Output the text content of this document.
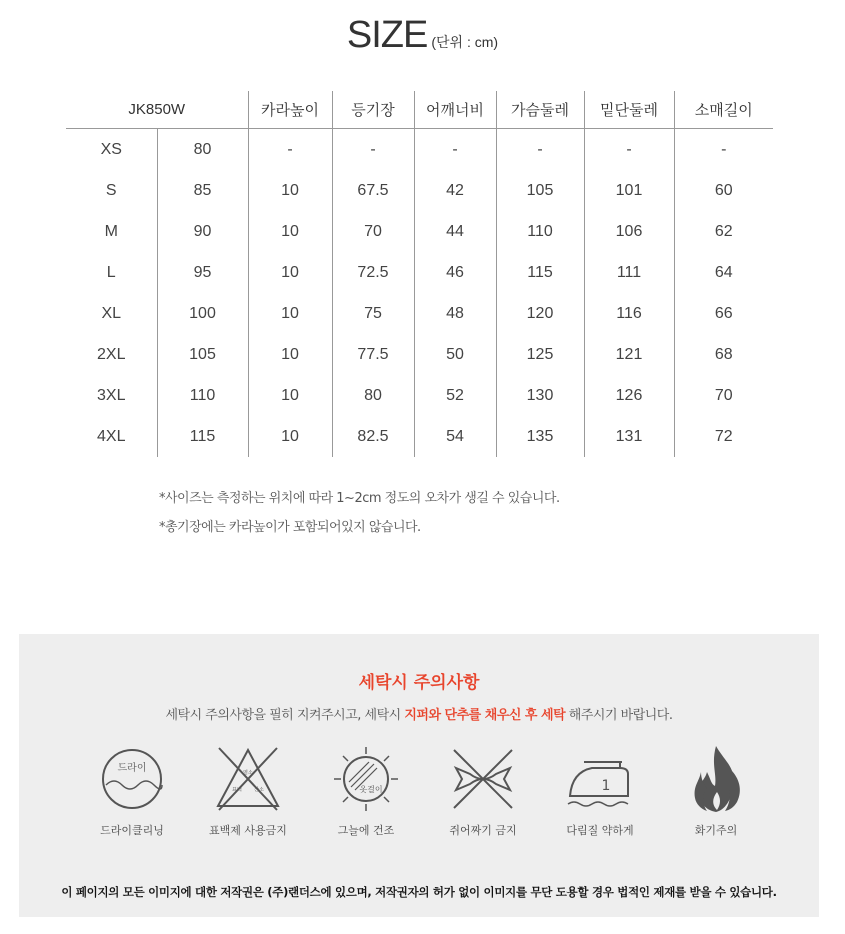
SIZE (단위 : cm)
JK850W		카라높이	등기장	어깨너비	가슴둘레	밑단둘레	소매길이
XS	80	-	-	-	-	-	-
S	85	10	67.5	42	105	101	60
M	90	10	70	44	110	106	62
L	95	10	72.5	46	115	111	64
XL	100	10	75	48	120	116	66
2XL	105	10	77.5	50	125	121	68
3XL	110	10	80	52	130	126	70
4XL	115	10	82.5	54	135	131	72
*사이즈는 측정하는 위치에 따라 1~2cm 정도의 오차가 생길 수 있습니다.
*총기장에는 카라높이가 포함되어있지 않습니다.
세탁시 주의사항
세탁시 주의사항을 필히 지켜주시고, 세탁시 지퍼와 단추를 채우신 후 세탁 해주시기 바랍니다.
드라이
드라이클리닝
염소
표백 산소
표백제 사용금지
옷걸이
그늘에 건조	쥐어짜기 금지
1
다림질 약하게	화기주의
이 페이지의 모든 이미지에 대한 저작권은 (주)랜더스에 있으며, 저작권자의 허가 없이 이미지를 무단 도용할 경우 법적인 제재를 받을 수 있습니다.
